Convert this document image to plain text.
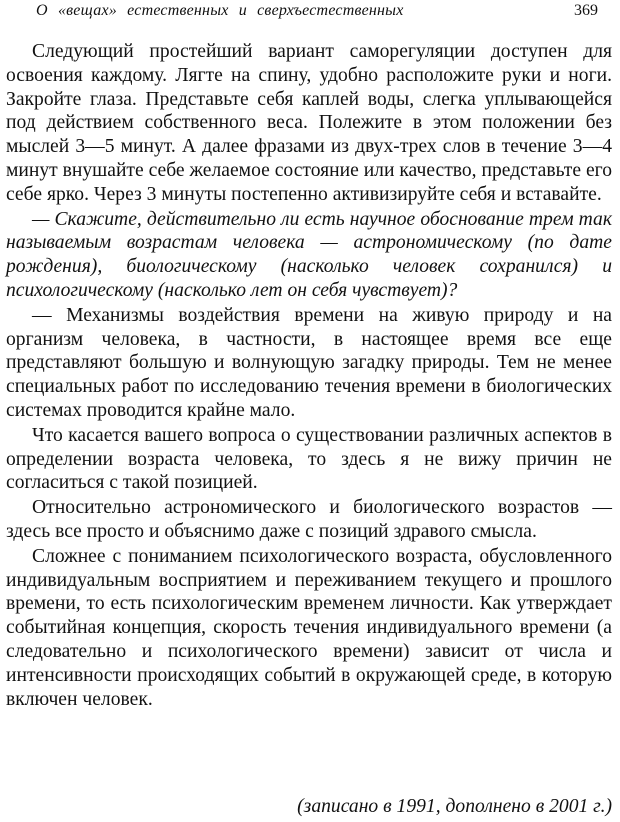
О «вещах» естественных и сверхъестественных	369

Следующий простейший вариант саморегуляции доступен для освоения каждому. Лягте на спину, удобно расположите руки и ноги. Закройте глаза. Представьте себя каплей воды, слегка уплывающейся под действием собственного веса. Полежите в этом положении без мыслей 3—5 минут. А далее фразами из двух-трех слов в течение 3—4 минут внушайте себе желаемое состояние или качество, представьте его себе ярко. Через 3 минуты постепенно активизируйте себя и вставайте.

— Скажите, действительно ли есть научное обоснование трем так называемым возрастам человека — астрономическому (по дате рождения), биологическому (насколько человек сохранился) и психологическому (насколько лет он себя чувствует)?

— Механизмы воздействия времени на живую природу и на организм человека, в частности, в настоящее время все еще представляют большую и волнующую загадку природы. Тем не менее специальных работ по исследованию течения времени в биологических системах проводится крайне мало.

Что касается вашего вопроса о существовании различных аспектов в определении возраста человека, то здесь я не вижу причин не согласиться с такой позицией.

Относительно астрономического и биологического возрастов — здесь все просто и объяснимо даже с позиций здравого смысла.

Сложнее с пониманием психологического возраста, обусловленного индивидуальным восприятием и переживанием текущего и прошлого времени, то есть психологическим временем личности. Как утверждает событийная концепция, скорость течения индивидуального времени (а следовательно и психологического времени) зависит от числа и интенсивности происходящих событий в окружающей среде, в которую включен человек.

(записано в 1991, дополнено в 2001 г.)
